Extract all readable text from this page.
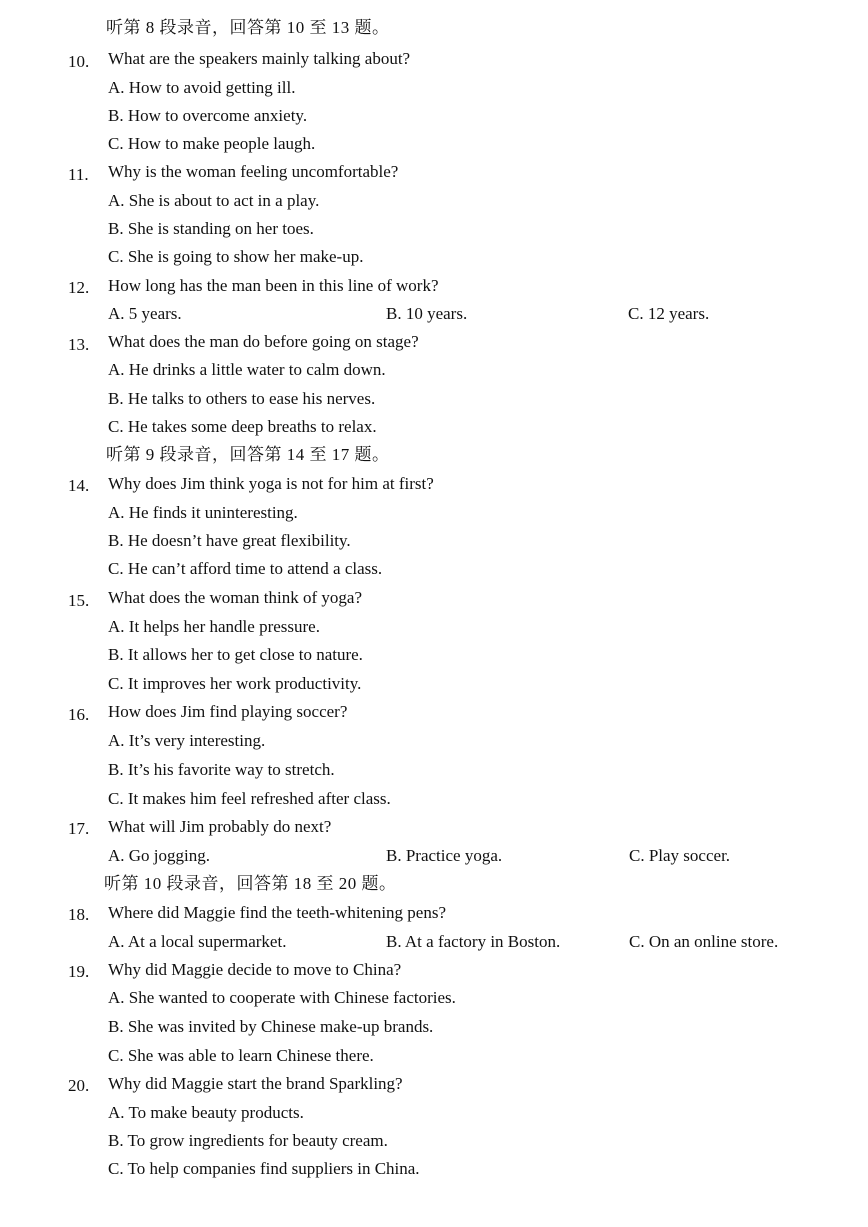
听第 8 段录音，回答第 10 至 13 题。
10. What are the speakers mainly talking about?
A. How to avoid getting ill.
B. How to overcome anxiety.
C. How to make people laugh.
11. Why is the woman feeling uncomfortable?
A. She is about to act in a play.
B. She is standing on her toes.
C. She is going to show her make-up.
12. How long has the man been in this line of work?
A. 5 years.	B. 10 years.	C. 12 years.
13. What does the man do before going on stage?
A. He drinks a little water to calm down.
B. He talks to others to ease his nerves.
C. He takes some deep breaths to relax.
听第 9 段录音，回答第 14 至 17 题。
14. Why does Jim think yoga is not for him at first?
A. He finds it uninteresting.
B. He doesn’t have great flexibility.
C. He can’t afford time to attend a class.
15. What does the woman think of yoga?
A. It helps her handle pressure.
B. It allows her to get close to nature.
C. It improves her work productivity.
16. How does Jim find playing soccer?
A. It’s very interesting.
B. It’s his favorite way to stretch.
C. It makes him feel refreshed after class.
17. What will Jim probably do next?
A. Go jogging.	B. Practice yoga.	C. Play soccer.
听第 10 段录音，回答第 18 至 20 题。
18. Where did Maggie find the teeth-whitening pens?
A. At a local supermarket.	B. At a factory in Boston.	C. On an online store.
19. Why did Maggie decide to move to China?
A. She wanted to cooperate with Chinese factories.
B. She was invited by Chinese make-up brands.
C. She was able to learn Chinese there.
20. Why did Maggie start the brand Sparkling?
A. To make beauty products.
B. To grow ingredients for beauty cream.
C. To help companies find suppliers in China.
